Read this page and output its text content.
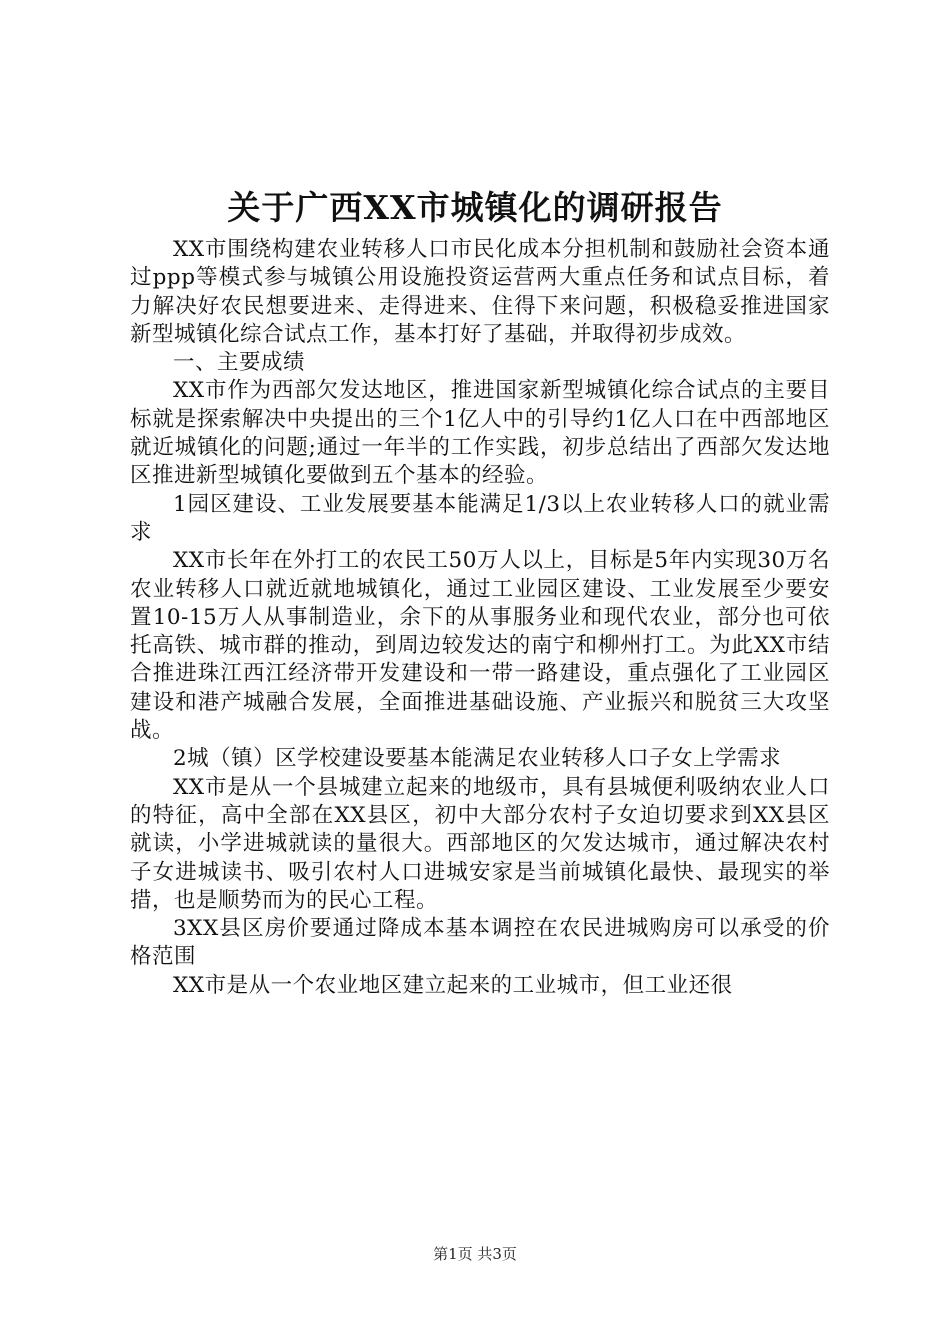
关于广西XX市城镇化的调研报告

XX市围绕构建农业转移人口市民化成本分担机制和鼓励社会资本通过ppp等模式参与城镇公用设施投资运营两大重点任务和试点目标，着力解决好农民想要进来、走得进来、住得下来问题，积极稳妥推进国家新型城镇化综合试点工作，基本打好了基础，并取得初步成效。

一、主要成绩

XX市作为西部欠发达地区，推进国家新型城镇化综合试点的主要目标就是探索解决中央提出的三个1亿人中的引导约1亿人口在中西部地区就近城镇化的问题;通过一年半的工作实践，初步总结出了西部欠发达地区推进新型城镇化要做到五个基本的经验。

1园区建设、工业发展要基本能满足1/3以上农业转移人口的就业需求

XX市长年在外打工的农民工50万人以上，目标是5年内实现30万名农业转移人口就近就地城镇化，通过工业园区建设、工业发展至少要安置10-15万人从事制造业，余下的从事服务业和现代农业，部分也可依托高铁、城市群的推动，到周边较发达的南宁和柳州打工。为此XX市结合推进珠江西江经济带开发建设和一带一路建设，重点强化了工业园区建设和港产城融合发展，全面推进基础设施、产业振兴和脱贫三大攻坚战。

2城（镇）区学校建设要基本能满足农业转移人口子女上学需求

XX市是从一个县城建立起来的地级市，具有县城便利吸纳农业人口的特征，高中全部在XX县区，初中大部分农村子女迫切要求到XX县区就读，小学进城就读的量很大。西部地区的欠发达城市，通过解决农村子女进城读书、吸引农村人口进城安家是当前城镇化最快、最现实的举措，也是顺势而为的民心工程。

3XX县区房价要通过降成本基本调控在农民进城购房可以承受的价格范围

XX市是从一个农业地区建立起来的工业城市，但工业还很

第1页 共3页
